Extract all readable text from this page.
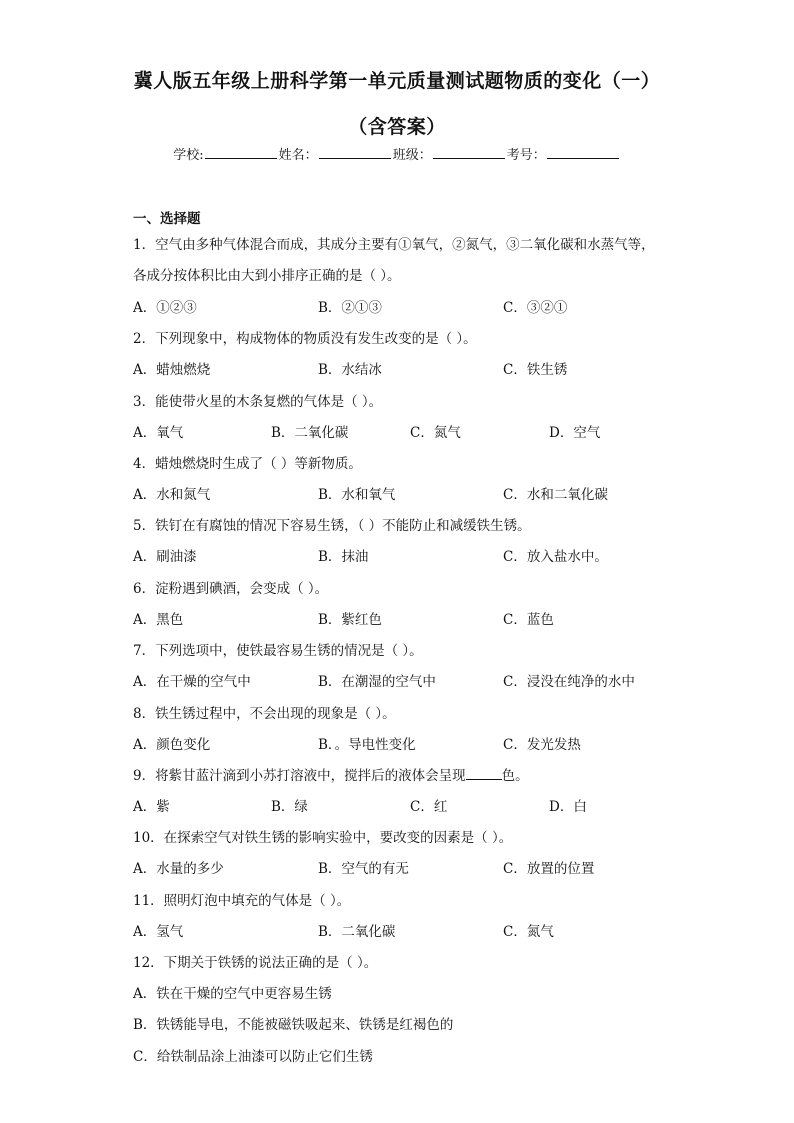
冀人版五年级上册科学第一单元质量测试题物质的变化（一）
（含答案）
学校:	姓名：	班级：	考号：
一、选择题
1．空气由多种气体混合而成，其成分主要有①氧气，②氮气，③二氧化碳和水蒸气等，
各成分按体积比由大到小排序正确的是（ ）。
A．①②③	B．②①③	C．③②①
2．下列现象中，构成物体的物质没有发生改变的是（ ）。
A．蜡烛燃烧	B．水结冰	C．铁生锈
3．能使带火星的木条复燃的气体是（ ）。
A．氧气	B．二氧化碳	C．氮气	D．空气
4．蜡烛燃烧时生成了（ ）等新物质。
A．水和氮气	B．水和氧气	C．水和二氧化碳
5．铁钉在有腐蚀的情况下容易生锈，（ ）不能防止和减缓铁生锈。
A．刷油漆	B．抹油	C．放入盐水中。
6．淀粉遇到碘酒，会变成（ ）。
A．黑色	B．紫红色	C．蓝色
7．下列选项中，使铁最容易生锈的情况是（ ）。
A．在干燥的空气中	B．在潮湿的空气中	C．浸没在纯净的水中
8．铁生锈过程中，不会出现的现象是（ ）。
A．颜色变化	B．。导电性变化	C．发光发热
9．将紫甘蓝汁滴到小苏打溶液中，搅拌后的液体会呈现	色。
A．紫	B．绿	C．红	D．白
10．在探索空气对铁生锈的影响实验中，要改变的因素是（ ）。
A．水量的多少	B．空气的有无	C．放置的位置
11．照明灯泡中填充的气体是（ ）。
A．氢气	B．二氧化碳	C．氮气
12．下期关于铁锈的说法正确的是（ ）。
A．铁在干燥的空气中更容易生锈
B．铁锈能导电，不能被磁铁吸起来、铁锈是红褐色的
C．给铁制品涂上油漆可以防止它们生锈
